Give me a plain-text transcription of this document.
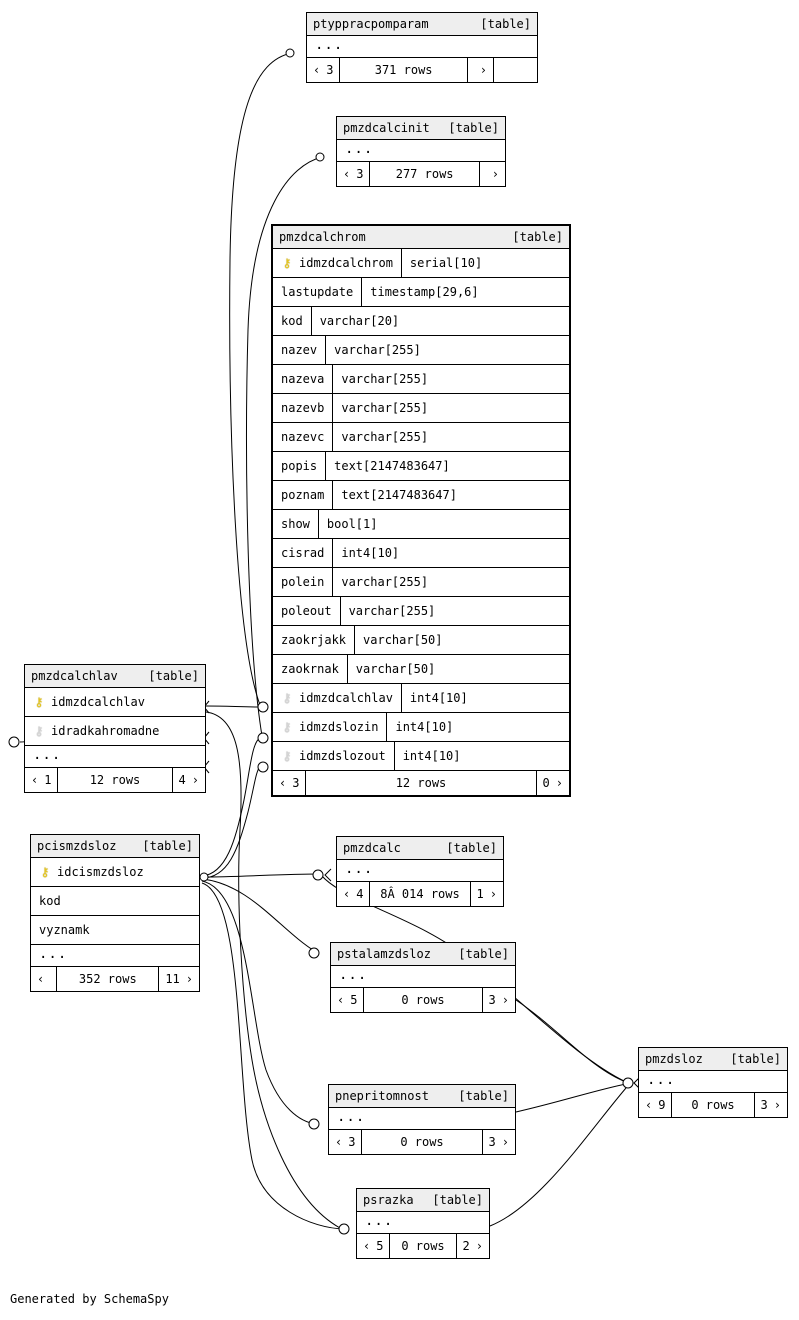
ptyppracpomparam	[table]
...
‹ 3	371 rows	›
pmzdcalcinit [table]
...
‹ 3	277 rows	›
pmzdcalchrom	[table]
⚷ idmzdcalchrom	serial[10]
lastupdate	timestamp[29,6]
kod	varchar[20]
nazev	varchar[255]
nazeva	varchar[255]
nazevb	varchar[255]
nazevc	varchar[255]
popis	text[2147483647]
poznam	text[2147483647]
show	bool[1]
cisrad	int4[10]
polein	varchar[255]
poleout	varchar[255]
zaokrjakk	varchar[50]
zaokrnak	varchar[50]
⚷ idmzdcalchlav	int4[10]
⚷ idmzdslozin	int4[10]
⚷ idmzdslozout	int4[10]
‹ 3	12 rows	0 ›
pmzdcalchlav	[table]
⚷ idmzdcalchlav
⚷ idradkahromadne
...
‹ 1	12 rows	4 ›
pcismzdsloz [table]
⚷ idcismzdsloz
kod
vyznamk
...
‹	352 rows	11 ›
pmzdcalc	[table]
...
‹ 4	8Â 014 rows	1 ›
pstalamzdsloz [table]
...
‹ 5	0 rows	3 ›
pmzdsloz [table]
...
‹ 9	0 rows	3 ›
pnepritomnost [table]
...
‹ 3	0 rows	3 ›
psrazka [table]
...
‹ 5	0 rows	2 ›
Generated by SchemaSpy
